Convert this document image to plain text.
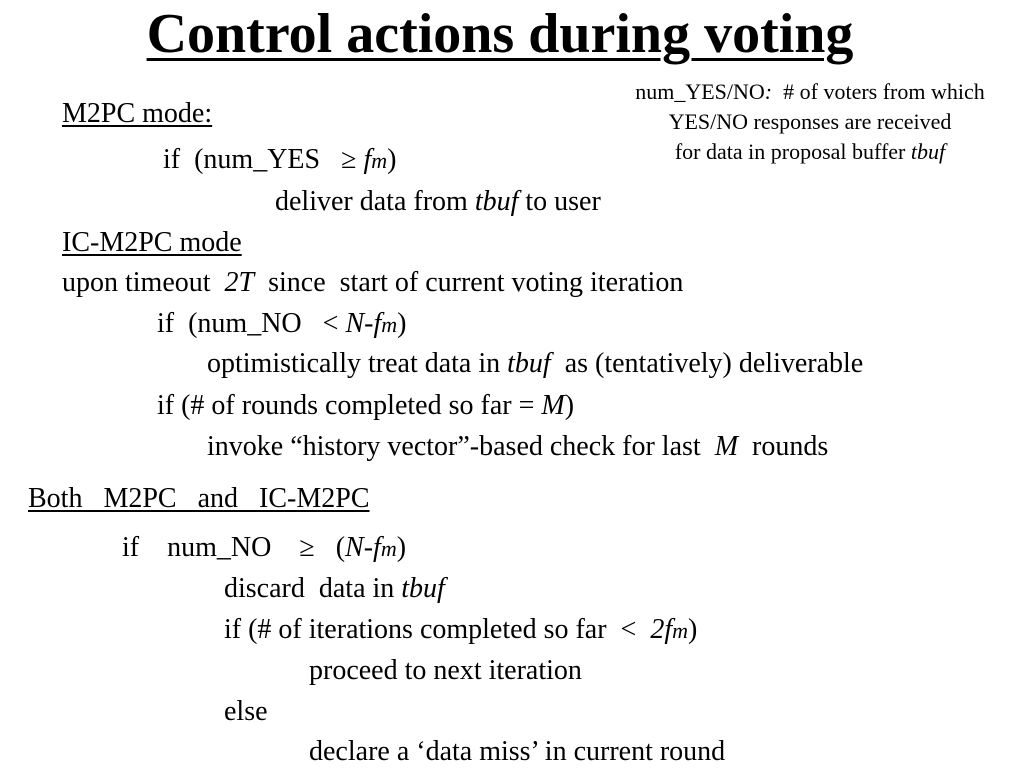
Control actions during voting
num_YES/NO:  # of voters from which
YES/NO responses are received
for data in proposal buffer tbuf
M2PC mode:
if  (num_YES   ≥ fm)
deliver data from tbuf to user
IC-M2PC mode
upon timeout  2T  since  start of current voting iteration
if  (num_NO   < N-fm)
optimistically treat data in tbuf  as (tentatively) deliverable
if (# of rounds completed so far = M)
invoke “history vector”-based check for last  M  rounds
Both   M2PC   and   IC-M2PC
if    num_NO    ≥   (N-fm)
discard  data in tbuf
if (# of iterations completed so far  <  2fm)
proceed to next iteration
else
declare a ‘data miss’ in current round
